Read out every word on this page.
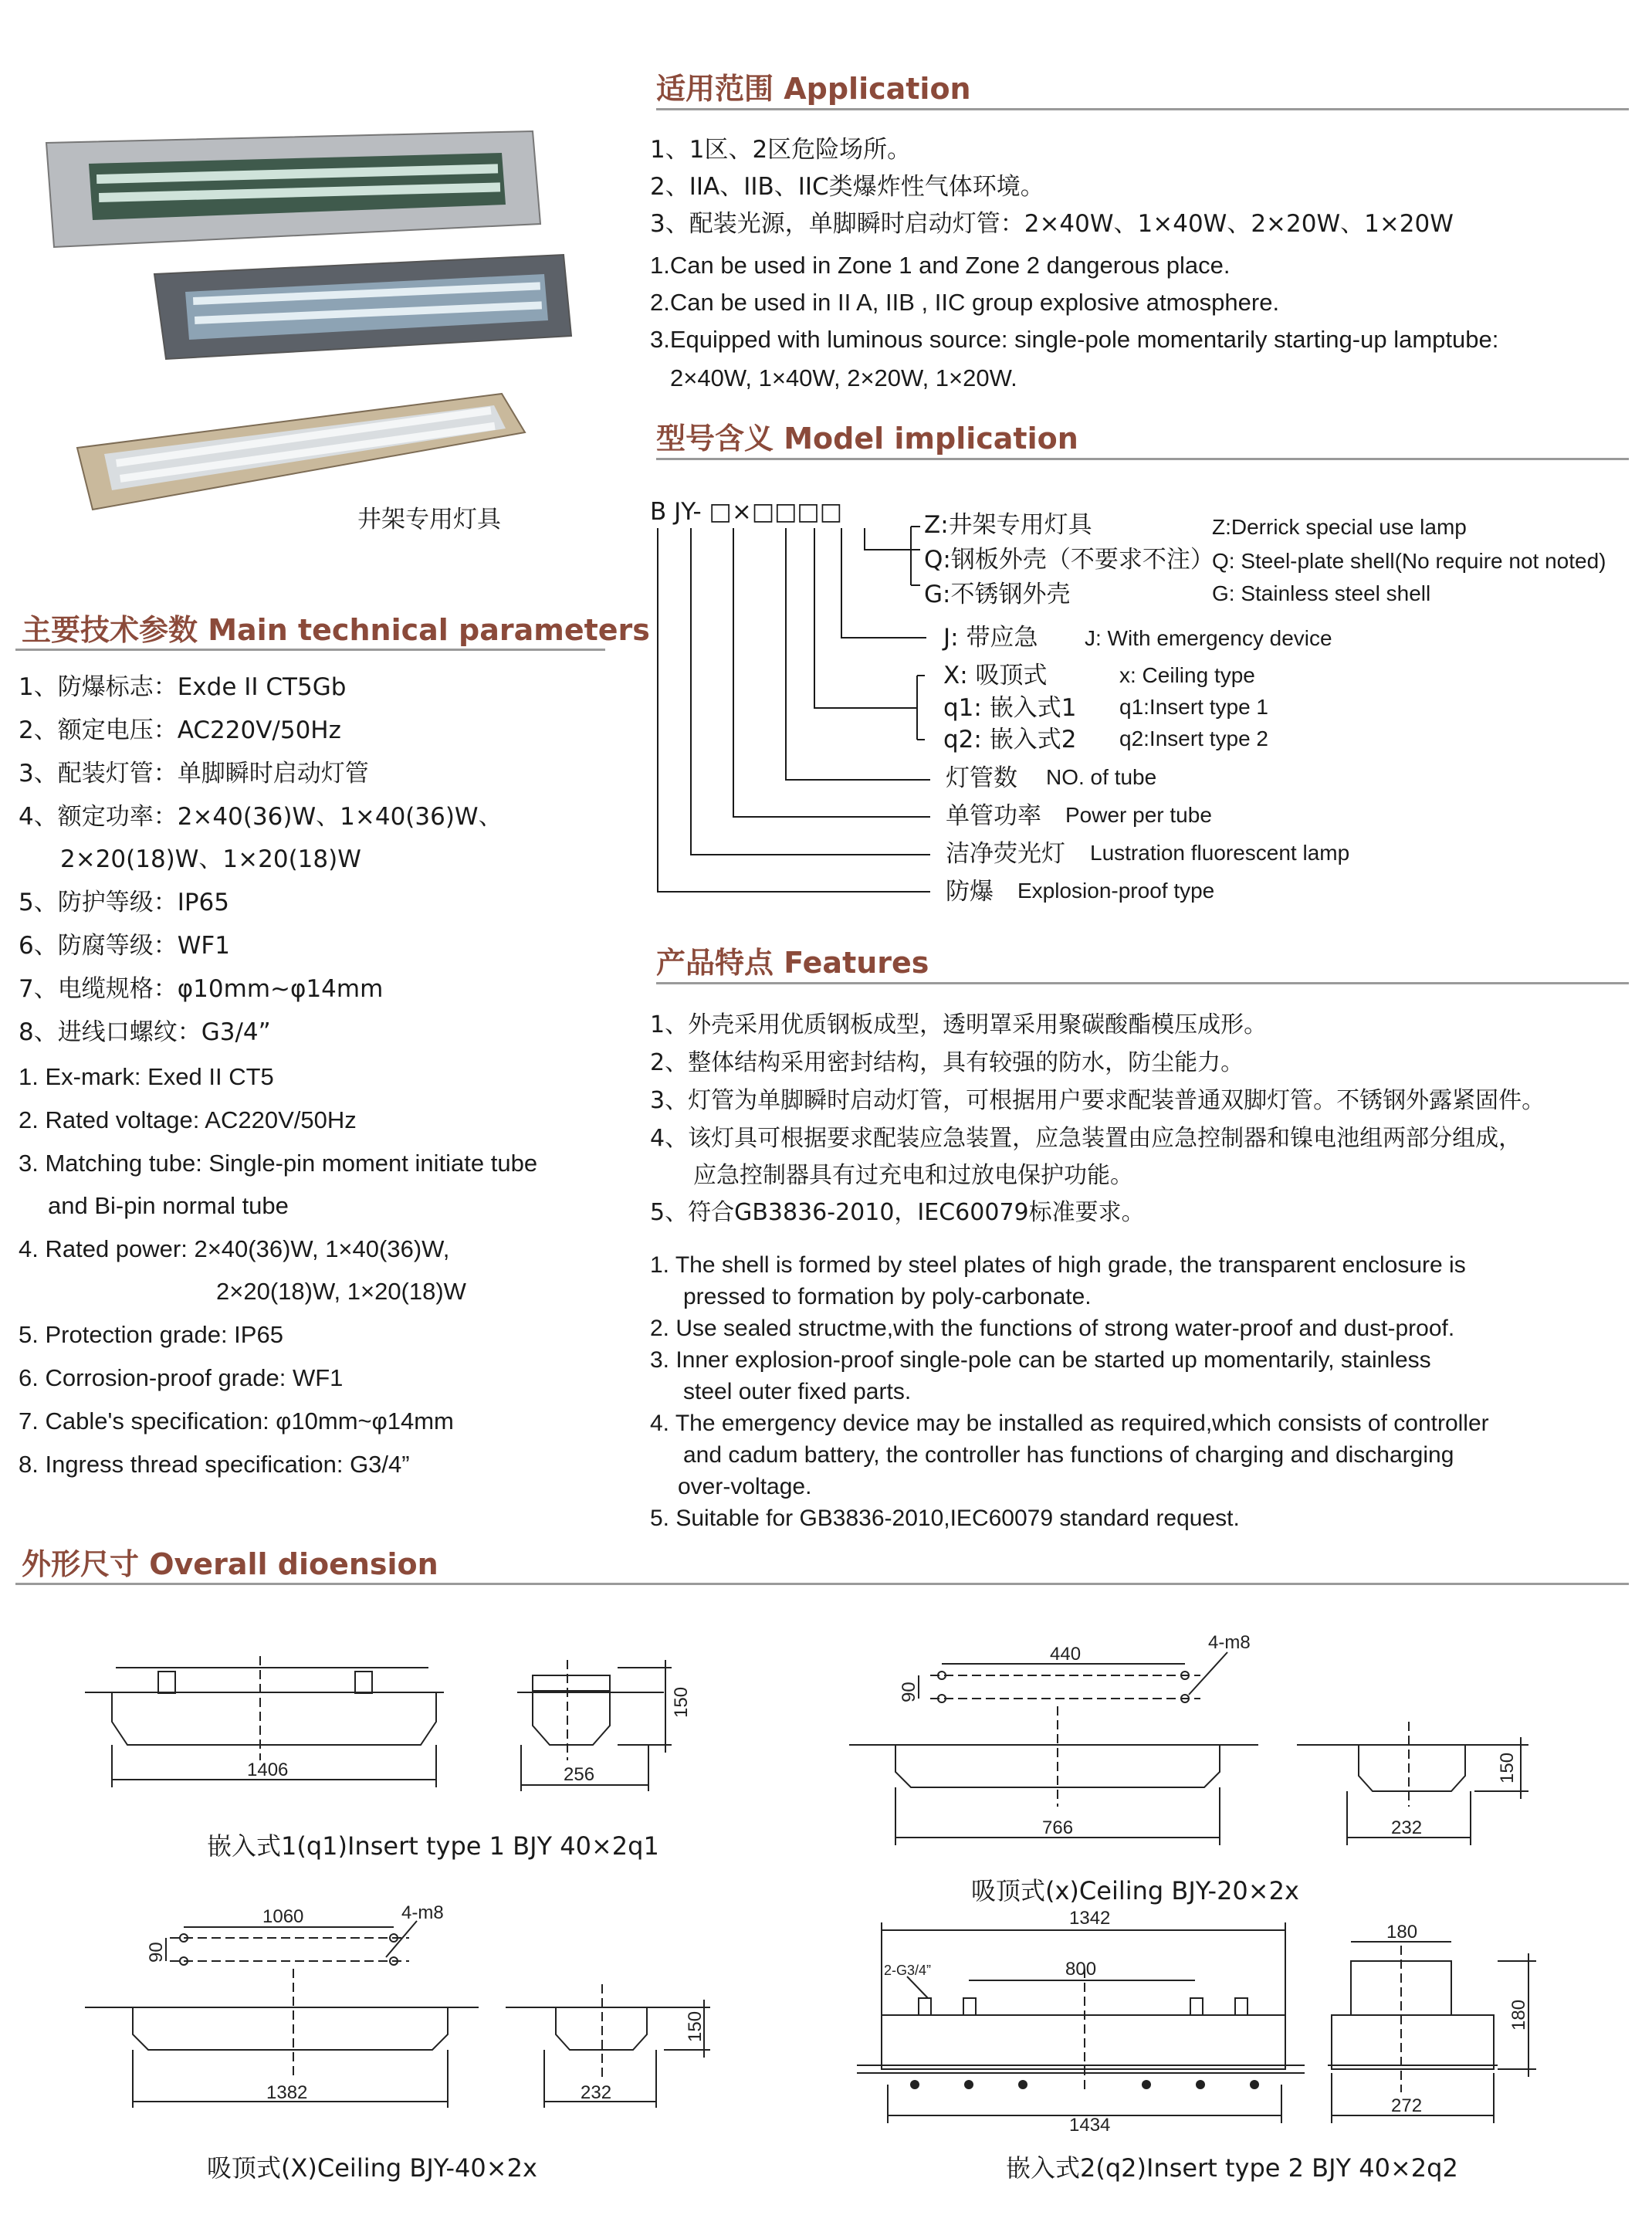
井架专用灯具
适用范围 Application
1、1区、2区危险场所。
2、IIA、IIB、IIC类爆炸性气体环境。
3、配装光源，单脚瞬时启动灯管：2×40W、1×40W、2×20W、1×20W
1.Can be used in Zone 1 and Zone 2 dangerous place.
2.Can be used in II A, IIB , IIC group explosive atmosphere.
3.Equipped with luminous source: single-pole momentarily starting-up lamptube:
2×40W, 1×40W, 2×20W, 1×20W.
型号含义 Model implication
B JY- □×□□□□	Z:井架专用灯具	Z:Derrick special use lamp
Q:钢板外壳（不要求不注）
Q: Steel-plate shell(No require not noted)
G:不锈钢外壳	G: Stainless steel shell
J: 带应急 J: With emergency device
X: 吸顶式	x: Ceiling type
q1: 嵌入式1 q1:Insert type 1
q2: 嵌入式2 q2:Insert type 2
灯管数 NO. of tube
单管功率 Power per tube
洁净荧光灯 Lustration fluorescent lamp
防爆 Explosion-proof type
主要技术参数 Main technical parameters
1、防爆标志：Exde II CT5Gb
2、额定电压：AC220V/50Hz
3、配装灯管：单脚瞬时启动灯管
4、额定功率：2×40(36)W、1×40(36)W、
2×20(18)W、1×20(18)W
5、防护等级：IP65
6、防腐等级：WF1
7、电缆规格：φ10mm~φ14mm
8、进线口螺纹：G3/4”
1. Ex-mark: Exed II CT5
2. Rated voltage: AC220V/50Hz
3. Matching tube: Single-pin moment initiate tube
and Bi-pin normal tube
4. Rated power: 2×40(36)W, 1×40(36)W,
2×20(18)W, 1×20(18)W
5. Protection grade: IP65
6. Corrosion-proof grade: WF1
7. Cable's specification: φ10mm~φ14mm
8. Ingress thread specification: G3/4”
产品特点 Features
1、外壳采用优质钢板成型，透明罩采用聚碳酸酯模压成形。
2、整体结构采用密封结构，具有较强的防水，防尘能力。
3、灯管为单脚瞬时启动灯管，可根据用户要求配装普通双脚灯管。不锈钢外露紧固件。
4、该灯具可根据要求配装应急装置，应急装置由应急控制器和镍电池组两部分组成，
应急控制器具有过充电和过放电保护功能。
5、符合GB3836-2010，IEC60079标准要求。
1. The shell is formed by steel plates of high grade, the transparent enclosure is
pressed to formation by poly-carbonate.
2. Use sealed structme,with the functions of strong water-proof and dust-proof.
3. Inner explosion-proof single-pole can be started up momentarily, stainless
steel outer fixed parts.
4. The emergency device may be installed as required,which consists of controller
and cadum battery, the controller has functions of charging and discharging
over-voltage.
5. Suitable for GB3836-2010,IEC60079 standard request.
外形尺寸 Overall dioension
1406	256
150
嵌入式1(q1)Insert type 1 BJY 40×2q1
440
4-m8
90
766	232
150
吸顶式(x)Ceiling BJY-20×2x
1060	4-m8
90
1382	232
150
吸顶式(X)Ceiling BJY-40×2x
1342
2-G3/4”	800
1434
180
272
180
嵌入式2(q2)Insert type 2 BJY 40×2q2
